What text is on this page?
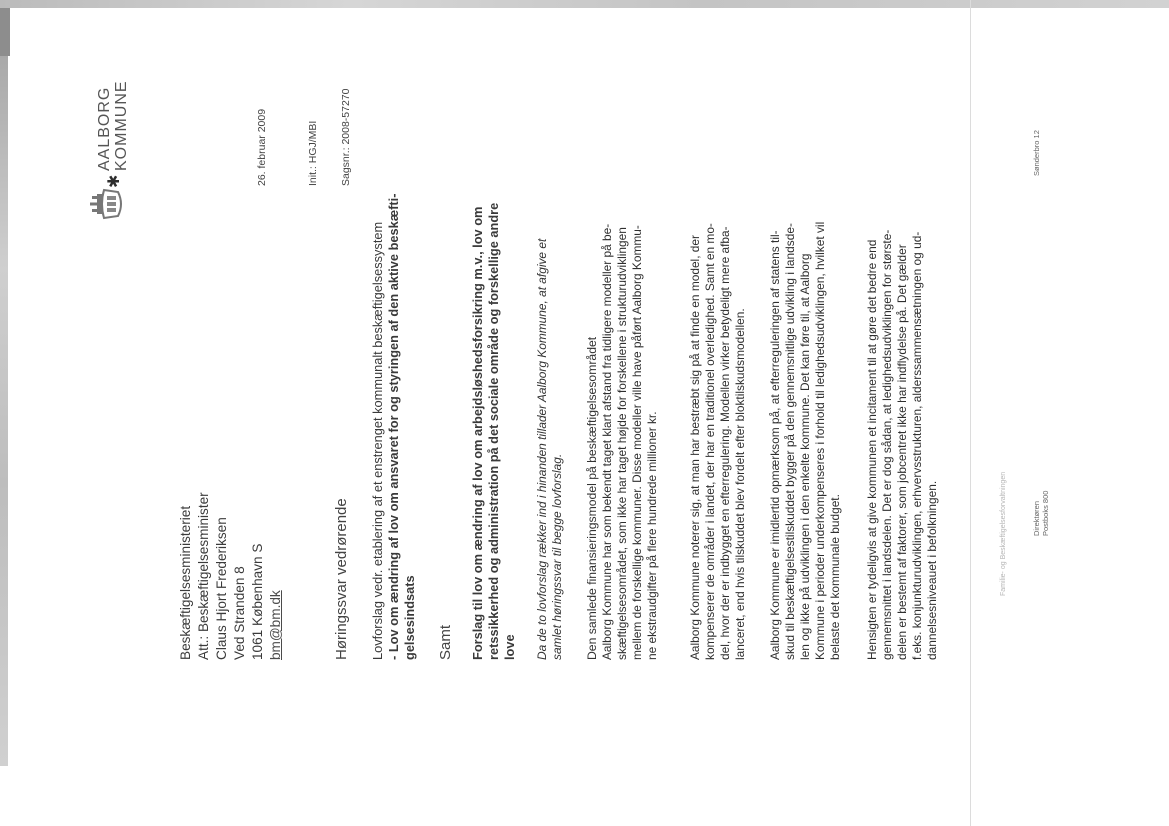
Beskæftigelsesministeriet Att.: Beskæftigelsesminister Claus Hjort Frederiksen Ved Stranden 8 1061 København S bm@bm.dk
✱
AALBORG KOMMUNE	26. februar 2009	Init.: HGJ/MBI Sagsnr.: 2008-57270
Høringssvar vedrørende Lovforslag vedr. etablering af et enstrenget kommunalt beskæftigelsessystem - Lov om ændring af lov om ansvaret for og styringen af den aktive beskæfti- gelsesindsats Samt Forslag til lov om ændring af lov om arbejdsløshedsforsikring m.v., lov om retssikkerhed og administration på det sociale område og forskellige andre love Da de to lovforslag rækker ind i hinanden tillader Aalborg Kommune, at afgive et samlet høringssvar til begge lovforslag. Den samlede finansieringsmodel på beskæftigelsesområdet Aalborg Kommune har som bekendt taget klart afstand fra tidligere modeller på be- skæftigelsesområdet, som ikke har taget højde for forskellene i strukturudviklingen mellem de forskellige kommuner. Disse modeller ville have påført Aalborg Kommu- ne ekstraudgifter på flere hundrede millioner kr. Aalborg Kommune noterer sig, at man har bestræbt sig på at finde en model, der kompenserer de områder i landet, der har en traditionel overledighed. Samt en mo- del, hvor der er indbygget en efterregulering. Modellen virker betydeligt mere afba- lanceret, end hvis tilskuddet blev fordelt efter bloktilskudsmodellen. Aalborg Kommune er imidlertid opmærksom på, at efterreguleringen af statens til- skud til beskæftigelsestilskuddet bygger på den gennemsnitlige udvikling i landsde- len og ikke på udviklingen i den enkelte kommune. Det kan føre til, at Aalborg Kommune i perioder underkompenseres i forhold til ledighedsudviklingen, hvilket vil belaste det kommunale budget. Hensigten er tydeligvis at give kommunen et incitament til at gøre det bedre end gennemsnittet i landsdelen. Det er dog sådan, at ledighedsudviklingen for største- delen er bestemt af faktorer, som jobcentret ikke har indflydelse på. Det gælder f.eks. konjunkturudviklingen, erhvervsstrukturen, alderssammensætningen og ud- dannelsesniveauet i befolkningen.	Familie- og Beskæftigelsesforvaltningen	Direktøren Postboks 800
Sønderbro 12
